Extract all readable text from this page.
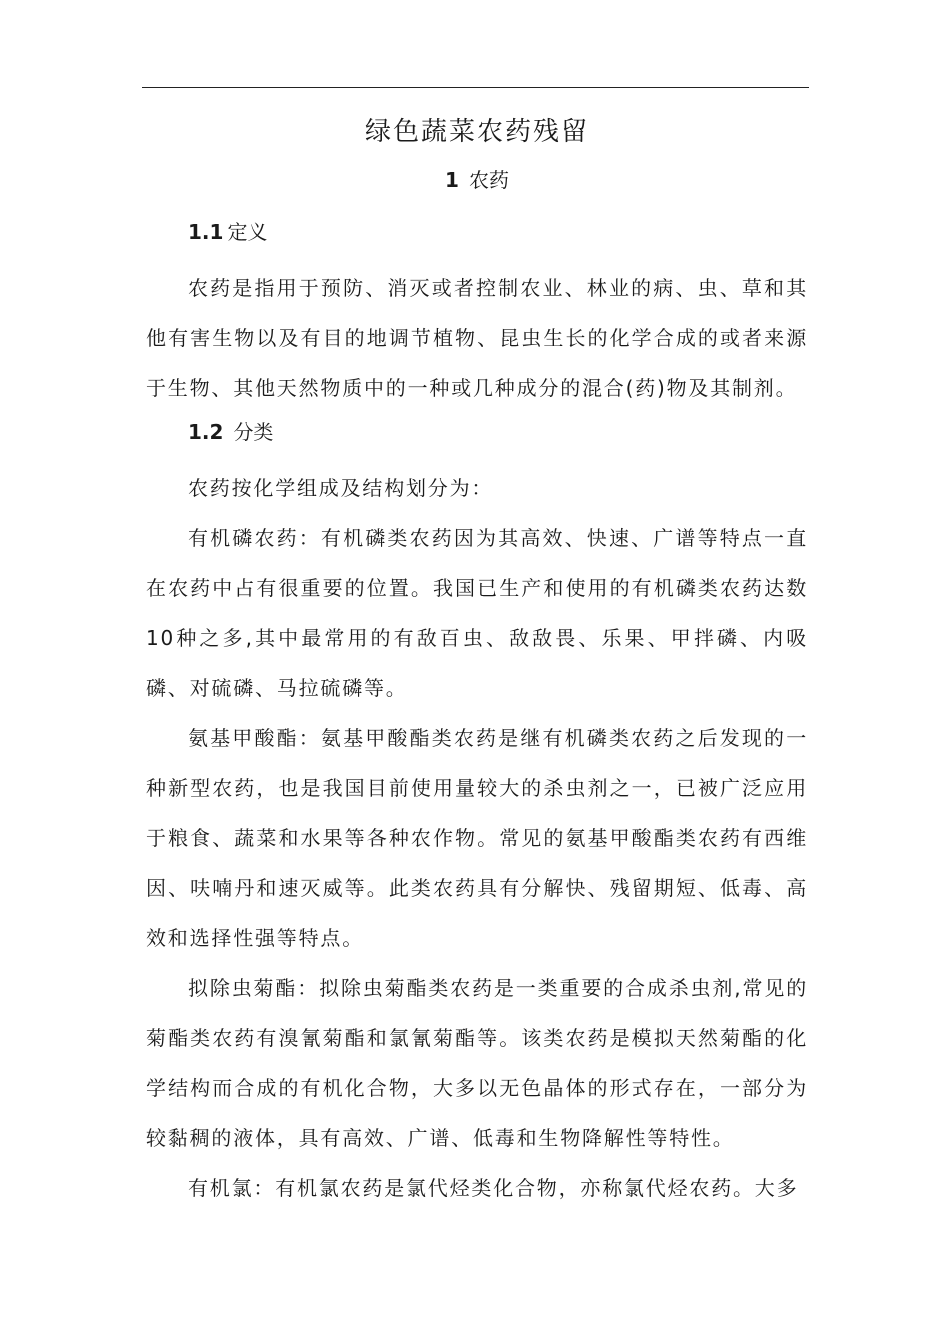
绿色蔬菜农药残留
1 农药
1.1 定义

农药是指用于预防、消灭或者控制农业、林业的病、虫、草和其他有害生物以及有目的地调节植物、昆虫生长的化学合成的或者来源于生物、其他天然物质中的一种或几种成分的混合(药)物及其制剂。

1.2 分类

农药按化学组成及结构划分为：

有机磷农药：有机磷类农药因为其高效、快速、广谱等特点一直在农药中占有很重要的位置。我国已生产和使用的有机磷类农药达数10种之多,其中最常用的有敌百虫、敌敌畏、乐果、甲拌磷、内吸磷、对硫磷、马拉硫磷等。

氨基甲酸酯：氨基甲酸酯类农药是继有机磷类农药之后发现的一种新型农药，也是我国目前使用量较大的杀虫剂之一，已被广泛应用于粮食、蔬菜和水果等各种农作物。常见的氨基甲酸酯类农药有西维因、呋喃丹和速灭威等。此类农药具有分解快、残留期短、低毒、高效和选择性强等特点。

拟除虫菊酯：拟除虫菊酯类农药是一类重要的合成杀虫剂,常见的菊酯类农药有溴氰菊酯和氯氰菊酯等。该类农药是模拟天然菊酯的化学结构而合成的有机化合物，大多以无色晶体的形式存在，一部分为较黏稠的液体，具有高效、广谱、低毒和生物降解性等特性。

有机氯：有机氯农药是氯代烃类化合物，亦称氯代烃农药。大多
